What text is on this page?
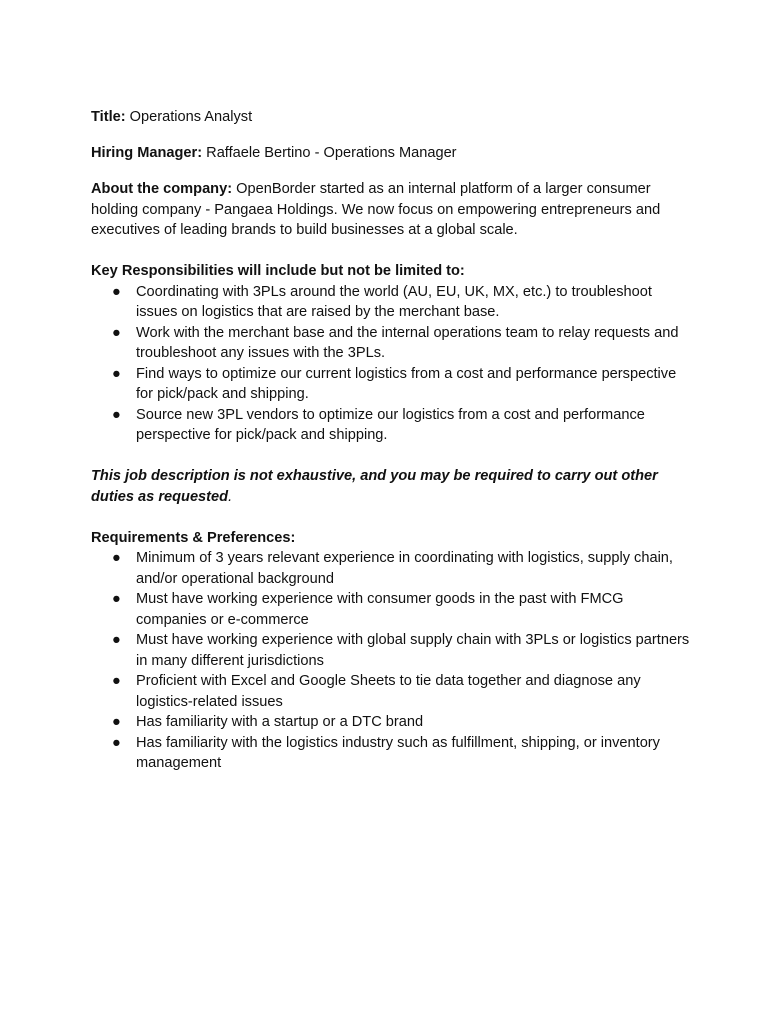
Title: Operations Analyst

Hiring Manager: Raffaele Bertino - Operations Manager

About the company: OpenBorder started as an internal platform of a larger consumer holding company - Pangaea Holdings. We now focus on empowering entrepreneurs and executives of leading brands to build businesses at a global scale.

Key Responsibilities will include but not be limited to:

● Coordinating with 3PLs around the world (AU, EU, UK, MX, etc.) to troubleshoot issues on logistics that are raised by the merchant base.
● Work with the merchant base and the internal operations team to relay requests and troubleshoot any issues with the 3PLs.
● Find ways to optimize our current logistics from a cost and performance perspective for pick/pack and shipping.
● Source new 3PL vendors to optimize our logistics from a cost and performance perspective for pick/pack and shipping.

This job description is not exhaustive, and you may be required to carry out other duties as requested.

Requirements & Preferences:

● Minimum of 3 years relevant experience in coordinating with logistics, supply chain, and/or operational background
● Must have working experience with consumer goods in the past with FMCG companies or e-commerce
● Must have working experience with global supply chain with 3PLs or logistics partners in many different jurisdictions
● Proficient with Excel and Google Sheets to tie data together and diagnose any logistics-related issues
● Has familiarity with a startup or a DTC brand
● Has familiarity with the logistics industry such as fulfillment, shipping, or inventory management
